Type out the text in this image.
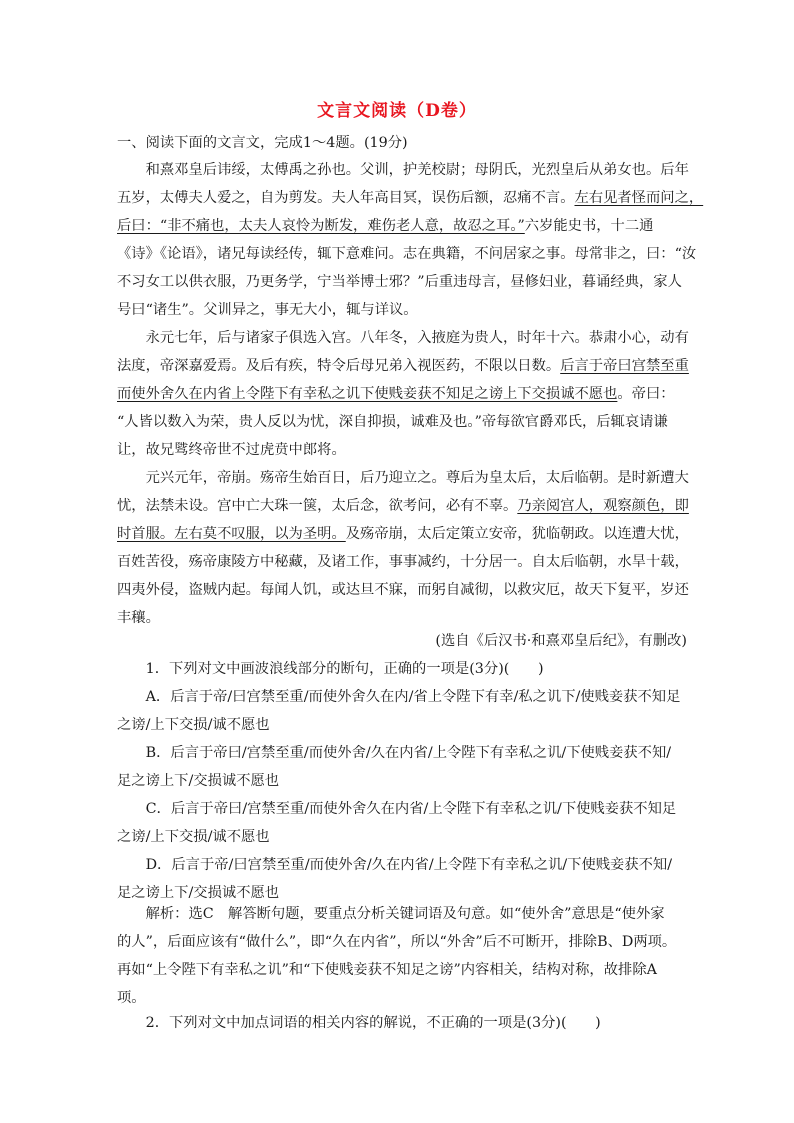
文言文阅读（D卷）
一、阅读下面的文言文，完成1～4题。(19分)
　　和熹邓皇后讳绥，太傅禹之孙也。父训，护羌校尉；母阴氏，光烈皇后从弟女也。后年
五岁，太傅夫人爱之，自为剪发。夫人年高目冥，误伤后额，忍痛不言。左右见者怪而问之，
后曰：“非不痛也，太夫人哀怜为断发，难伤老人意，故忍之耳。”六岁能史书，十二通
《诗》《论语》，诸兄每读经传，辄下意难问。志在典籍，不问居家之事。母常非之，曰：“汝
不习女工以供衣服，乃更务学，宁当举博士邪？”后重违母言，昼修妇业，暮诵经典，家人
号曰“诸生”。父训异之，事无大小，辄与详议。
　　永元七年，后与诸家子俱选入宫。八年冬，入掖庭为贵人，时年十六。恭肃小心，动有
法度，帝深嘉爱焉。及后有疾，特令后母兄弟入视医药，不限以日数。后言于帝曰宫禁至重
而使外舍久在内省上令陛下有幸私之讥下使贱妾获不知足之谤上下交损诚不愿也。帝曰：
“人皆以数入为荣，贵人反以为忧，深自抑损，诚难及也。”帝每欲官爵邓氏，后辄哀请谦
让，故兄骘终帝世不过虎贲中郎将。
　　元兴元年，帝崩。殇帝生始百日，后乃迎立之。尊后为皇太后，太后临朝。是时新遭大
忧，法禁未设。宫中亡大珠一箧，太后念，欲考问，必有不辜。乃亲阅宫人，观察颜色，即
时首服。左右莫不叹服，以为圣明。及殇帝崩，太后定策立安帝，犹临朝政。以连遭大忧，
百姓苦役，殇帝康陵方中秘藏，及诸工作，事事减约，十分居一。自太后临朝，水旱十载，
四夷外侵，盗贼内起。每闻人饥，或达旦不寐，而躬自减彻，以救灾厄，故天下复平，岁还
丰穰。
(选自《后汉书·和熹邓皇后纪》，有删改)
　　1．下列对文中画波浪线部分的断句，正确的一项是(3分)(　　)
　　A．后言于帝/曰宫禁至重/而使外舍久在内/省上令陛下有幸/私之讥下/使贱妾获不知足
之谤/上下交损/诚不愿也
　　B．后言于帝曰/宫禁至重/而使外舍/久在内省/上令陛下有幸私之讥/下使贱妾获不知/
足之谤上下/交损诚不愿也
　　C．后言于帝曰/宫禁至重/而使外舍久在内省/上令陛下有幸私之讥/下使贱妾获不知足
之谤/上下交损/诚不愿也
　　D．后言于帝/曰宫禁至重/而使外舍/久在内省/上令陛下有幸私之讥/下使贱妾获不知/
足之谤上下/交损诚不愿也
　　解析：选C　解答断句题，要重点分析关键词语及句意。如“使外舍”意思是“使外家
的人”，后面应该有“做什么”，即“久在内省”，所以“外舍”后不可断开，排除B、D两项。
再如“上令陛下有幸私之讥”和“下使贱妾获不知足之谤”内容相关，结构对称，故排除A
项。
　　2．下列对文中加点词语的相关内容的解说，不正确的一项是(3分)(　　)
